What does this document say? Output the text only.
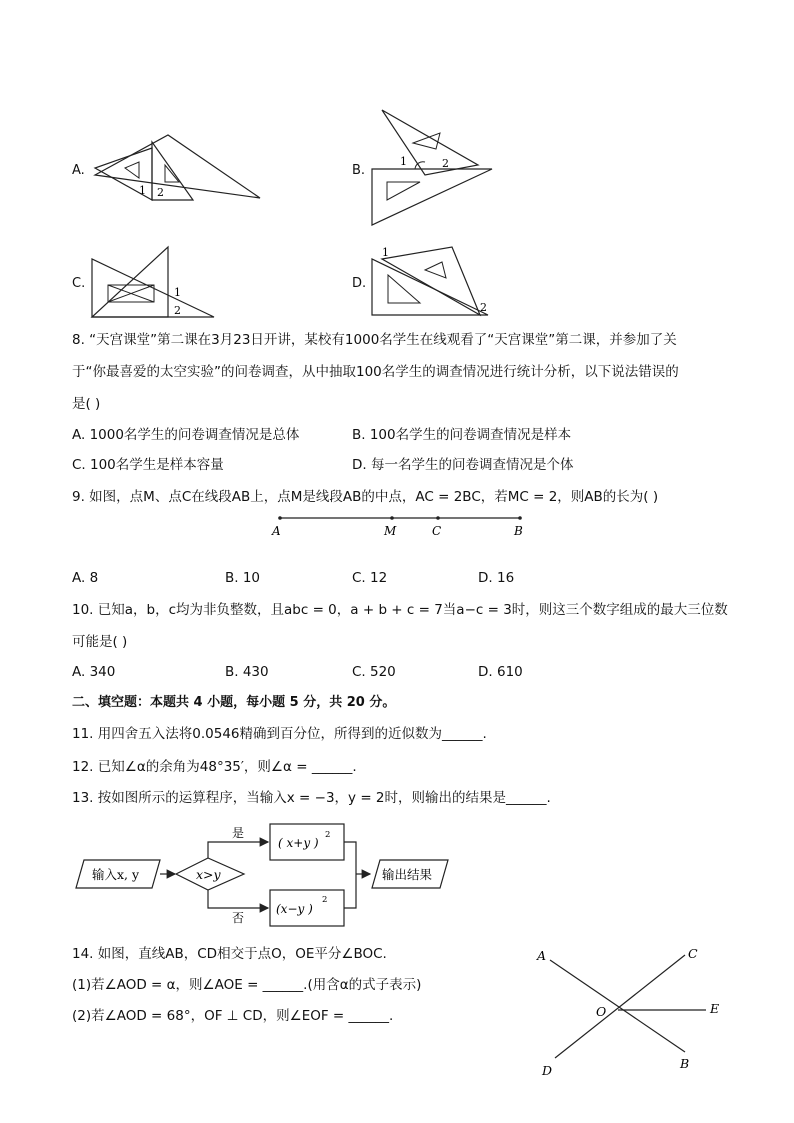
A.
1 2
B.
1	2
C.
1
2
D.
1
2
8. “天宫课堂”第二课在3月23日开讲，某校有1000名学生在线观看了“天宫课堂”第二课，并参加了关
于“你最喜爱的太空实验”的问卷调查，从中抽取100名学生的调查情况进行统计分析，以下说法错误的
是( )
A. 1000名学生的问卷调查情况是总体	B. 100名学生的问卷调查情况是样本
C. 100名学生是样本容量	D. 每一名学生的问卷调查情况是个体
9. 如图，点M、点C在线段AB上，点M是线段AB的中点，AC = 2BC，若MC = 2，则AB的长为( )
A	M	C	B
A. 8	B. 10	C. 12	D. 16
10. 已知a，b，c均为非负整数，且abc = 0，a + b + c = 7当a−c = 3时，则这三个数字组成的最大三位数
可能是( )
A. 340	B. 430	C. 520	D. 610
二、填空题：本题共 4 小题，每小题 5 分，共 20 分。
11. 用四舍五入法将0.0546精确到百分位，所得到的近似数为______.
12. 已知∠α的余角为48°35′，则∠α = ______.
13. 按如图所示的运算程序，当输入x = −3，y = 2时，则输出的结果是______.
输入x, y	x>y
是
( x+y )
2
否
(x−y )
2
输出结果
14. 如图，直线AB，CD相交于点O，OE平分∠BOC.
(1)若∠AOD = α，则∠AOE = ______.(用含α的式子表示)
(2)若∠AOD = 68°，OF ⊥ CD，则∠EOF = ______.
A	C
E
O
B
D
